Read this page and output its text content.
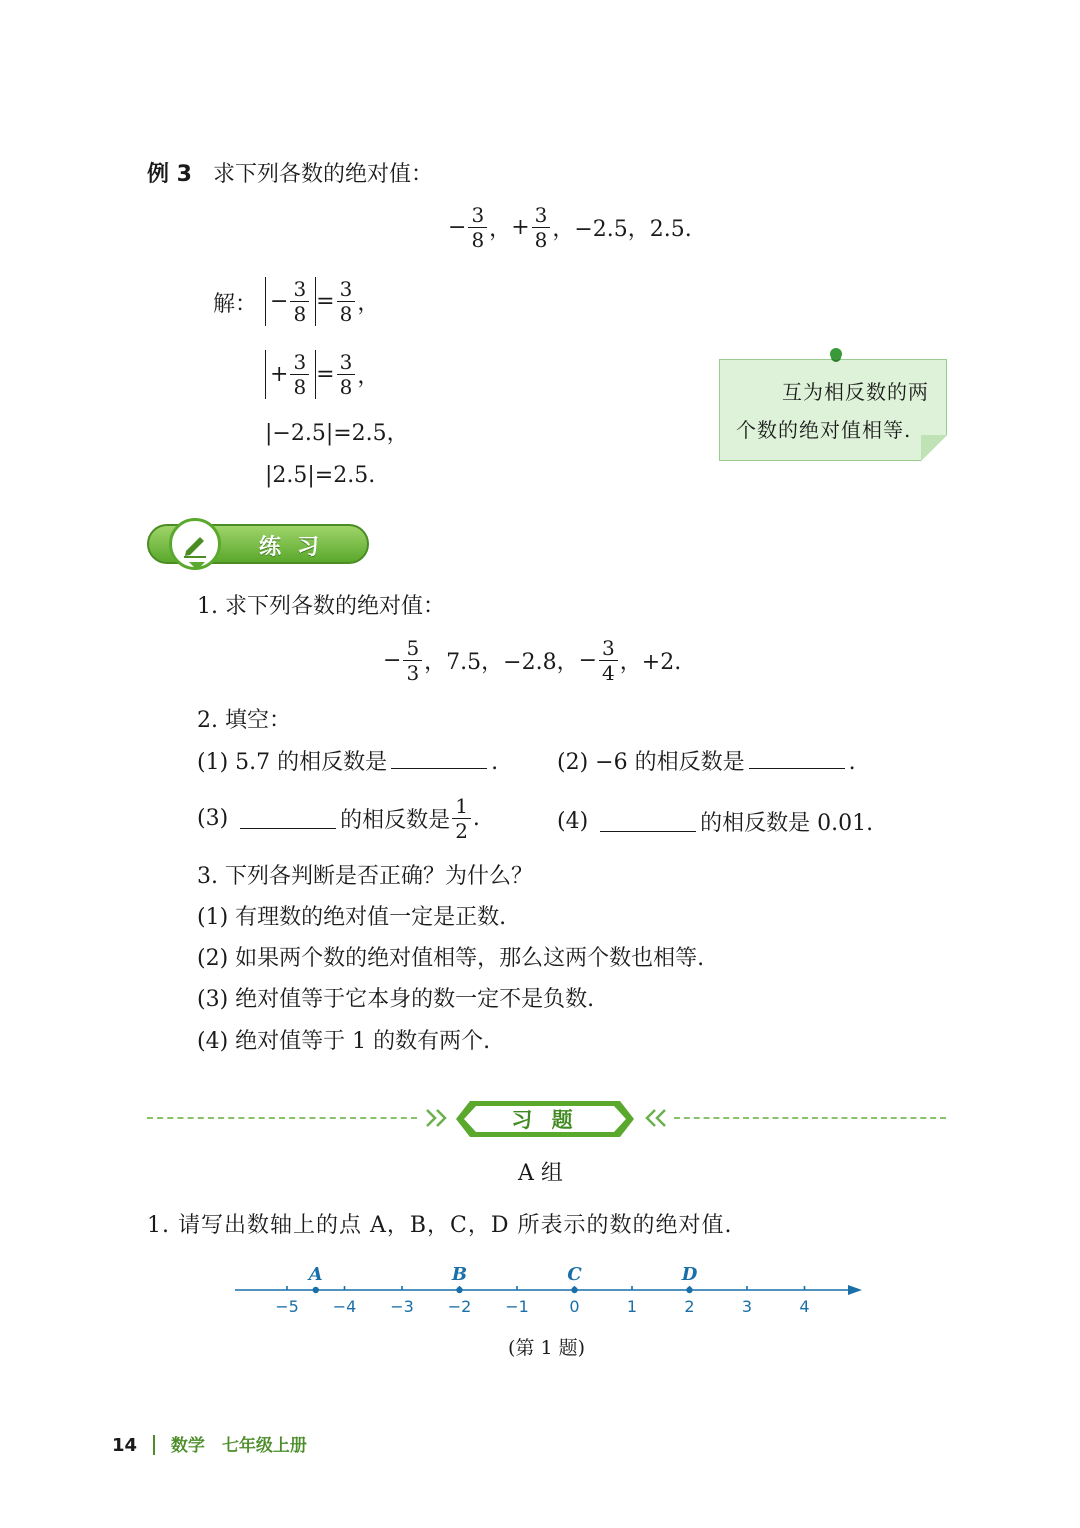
例 3 求下列各数的绝对值：
− $\frac{3}{8}$ ， + $\frac{3}{8}$ ， −2.5，2.5.
解： − $\frac{3}{8} = \frac{3}{8}$ ，
+ $\frac{3}{8} = \frac{3}{8}$ ，
|−2.5|=2.5，
|2.5|=2.5.
互为相反数的两
个数的绝对值相等.
练习
1. 求下列各数的绝对值：
− $\frac{5}{3}$ ，7.5，−2.8， − $\frac{3}{4}$ ，+2.
2. 填空：
(1) 5.7 的相反数是	.	(2) −6 的相反数是	.
(3)	的相反数是 $\frac{1}{2}$ .	(4)	的相反数是 0.01.
3. 下列各判断是否正确？为什么？
(1) 有理数的绝对值一定是正数.
(2) 如果两个数的绝对值相等，那么这两个数也相等.
(3) 绝对值等于它本身的数一定不是负数.
(4) 绝对值等于 1 的数有两个.
习 题
A 组
1. 请写出数轴上的点 A，B，C，D 所表示的数的绝对值.
−5 −4 −3 −2 −1	0	1	2	3	4
A	B	C	D
(第 1 题)
14 数学　七年级上册
